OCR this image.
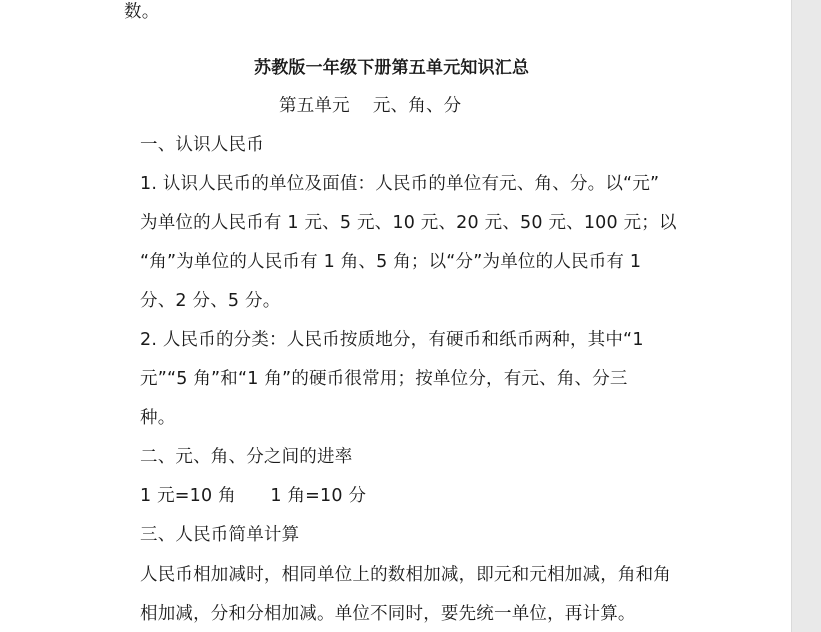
数。
苏教版一年级下册第五单元知识汇总
第五单元    元、角、分
一、认识人民币
1. 认识人民币的单位及面值：人民币的单位有元、角、分。以“元”
为单位的人民币有 1 元、5 元、10 元、20 元、50 元、100 元；以
“角”为单位的人民币有 1 角、5 角；以“分”为单位的人民币有 1
分、2 分、5 分。
2. 人民币的分类：人民币按质地分，有硬币和纸币两种，其中“1
元”“5 角”和“1 角”的硬币很常用；按单位分，有元、角、分三
种。
二、元、角、分之间的进率
1 元=10 角      1 角=10 分
三、人民币简单计算
人民币相加减时，相同单位上的数相加减，即元和元相加减，角和角
相加减，分和分相加减。单位不同时，要先统一单位，再计算。
